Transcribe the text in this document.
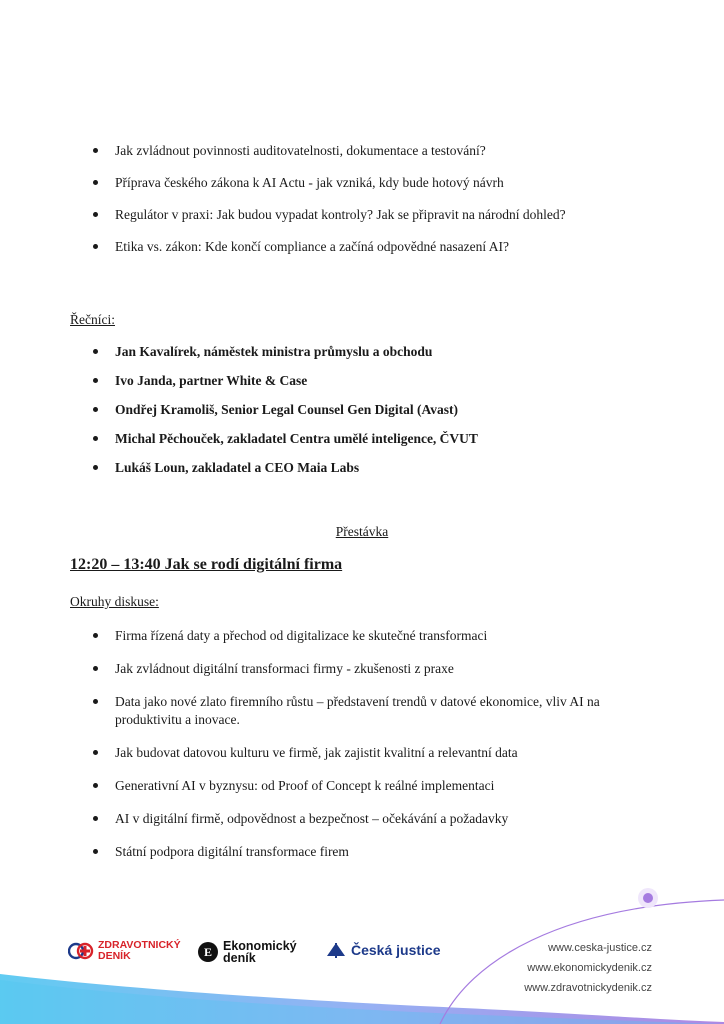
Jak zvládnout povinnosti auditovatelnosti, dokumentace a testování?
Příprava českého zákona k AI Actu - jak vzniká, kdy bude hotový návrh
Regulátor v praxi: Jak budou vypadat kontroly? Jak se připravit na národní dohled?
Etika vs. zákon: Kde končí compliance a začíná odpovědné nasazení AI?
Řečníci:
Jan Kavalírek, náměstek ministra průmyslu a obchodu
Ivo Janda, partner White & Case
Ondřej Kramoliš, Senior Legal Counsel Gen Digital (Avast)
Michal Pěchouček, zakladatel Centra umělé inteligence, ČVUT
Lukáš Loun, zakladatel a CEO Maia Labs
Přestávka
12:20 – 13:40 Jak se rodí digitální firma
Okruhy diskuse:
Firma řízená daty a přechod od digitalizace ke skutečné transformaci
Jak zvládnout digitální transformaci firmy - zkušenosti z praxe
Data jako nové zlato firemního růstu – představení trendů v datové ekonomice, vliv AI na produktivitu a inovace.
Jak budovat datovou kulturu ve firmě, jak zajistit kvalitní a relevantní data
Generativní AI v byznysu: od Proof of Concept k reálné implementaci
AI v digitální firmě, odpovědnost a bezpečnost – očekávání a požadavky
Státní podpora digitální transformace firem
ZDRAVOTNICKÝ
DENÍK	E Ekonomický
deník	Česká justice	www.ceska-justice.cz
www.ekonomickydenik.cz
www.zdravotnickydenik.cz
